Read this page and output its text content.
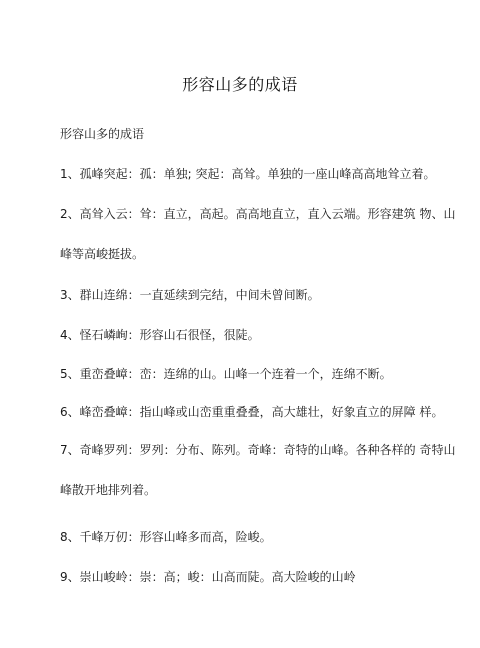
形容山多的成语
形容山多的成语
1、孤峰突起：孤：单独; 突起：高耸。单独的一座山峰高高地耸立着。
2、高耸入云：耸：直立，高起。高高地直立，直入云端。形容建筑 物、山
峰等高峻挺拔。
3、群山连绵：一直延续到完结，中间未曾间断。
4、怪石嶙峋：形容山石很怪，很陡。
5、重峦叠嶂：峦：连绵的山。山峰一个连着一个，连绵不断。
6、峰峦叠嶂：指山峰或山峦重重叠叠，高大雄壮，好象直立的屏障 样。
7、奇峰罗列：罗列：分布、陈列。奇峰：奇特的山峰。各种各样的 奇特山
峰散开地排列着。
8、千峰万仞：形容山峰多而高，险峻。
9、崇山峻岭：崇：高；峻：山高而陡。高大险峻的山岭
